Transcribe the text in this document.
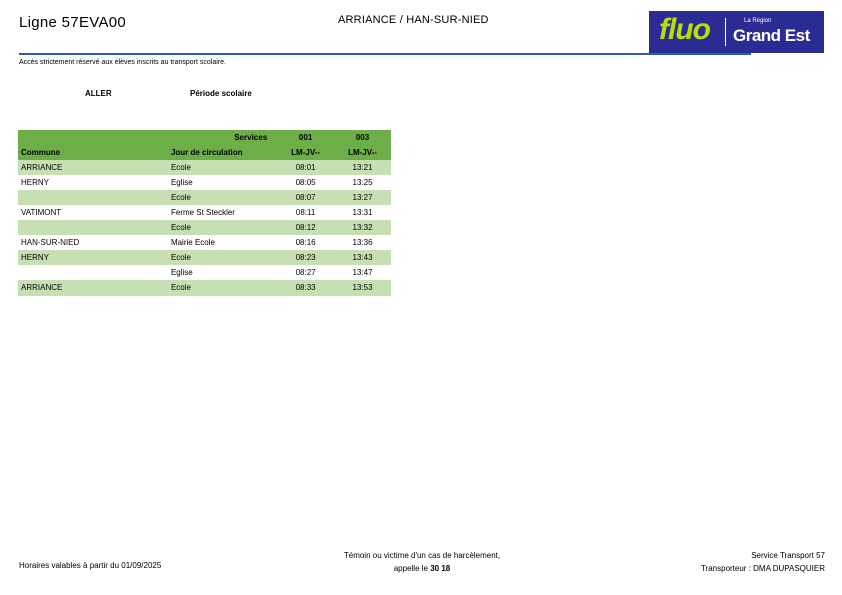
Ligne 57EVA00	ARRIANCE / HAN-SUR-NIED	fluo	La Région
Grand Est
Accès strictement réservé aux élèves inscrits au transport scolaire.
ALLER	Période scolaire
	Services	001	003
Commune	Jour de circulation	LM-JV--	LM-JV--
ARRIANCE	Ecole	08:01	13:21
HERNY	Eglise	08:05	13:25
	Ecole	08:07	13:27
VATIMONT	Ferme St Steckler	08:11	13:31
	Ecole	08:12	13:32
HAN-SUR-NIED	Mairie Ecole	08:16	13:36
HERNY	Ecole	08:23	13:43
	Eglise	08:27	13:47
ARRIANCE	Ecole	08:33	13:53
Horaires valables à partir du 01/09/2025
Témoin ou victime d'un cas de harcèlement,
appelle le 30 18
Service Transport 57
Transporteur : DMA DUPASQUIER
